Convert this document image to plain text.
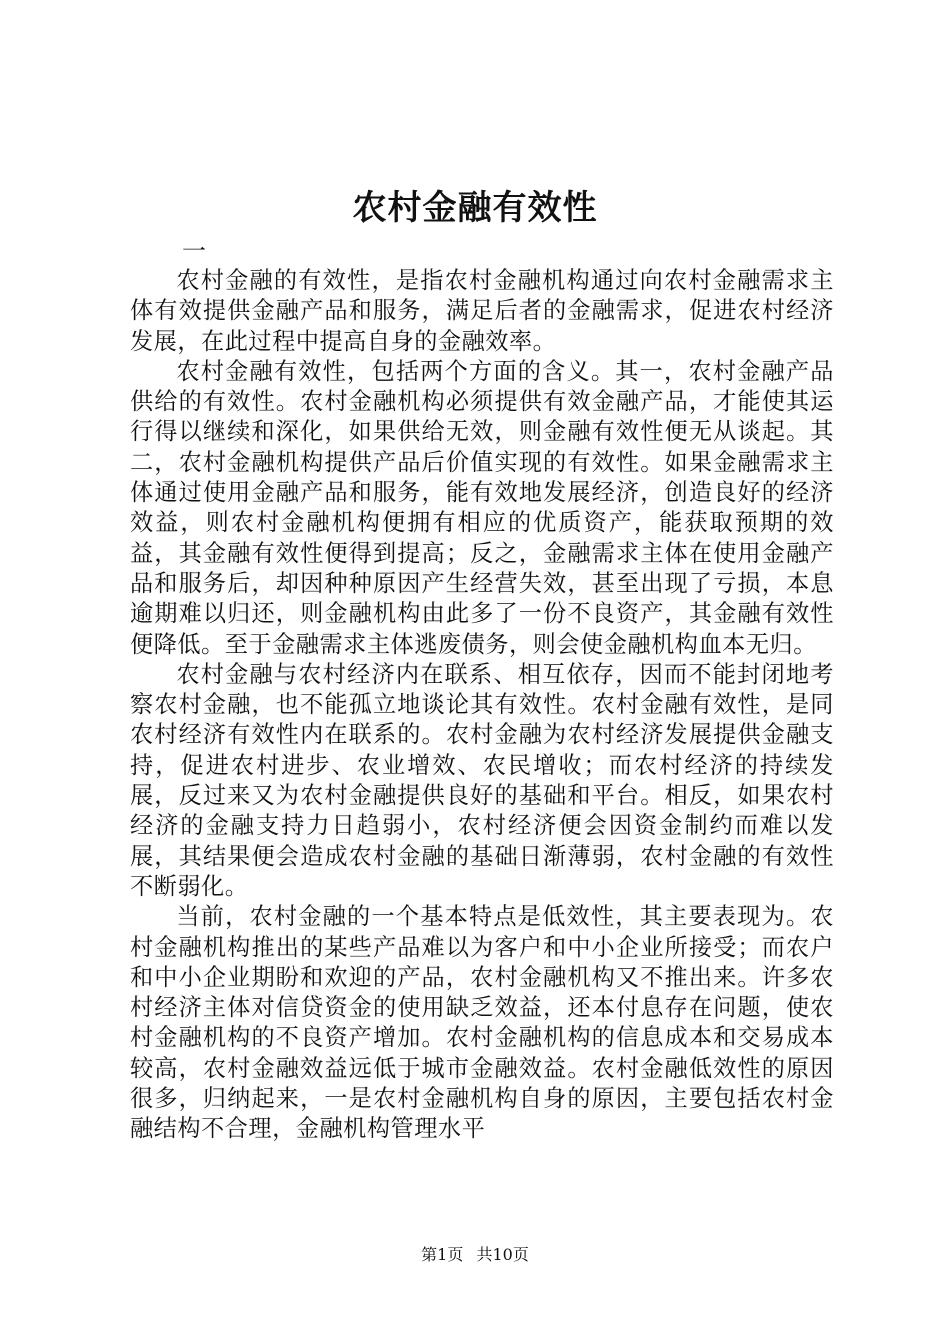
农村金融有效性
一

农村金融的有效性，是指农村金融机构通过向农村金融需求主体有效提供金融产品和服务，满足后者的金融需求，促进农村经济发展，在此过程中提高自身的金融效率。

农村金融有效性，包括两个方面的含义。其一，农村金融产品供给的有效性。农村金融机构必须提供有效金融产品，才能使其运行得以继续和深化，如果供给无效，则金融有效性便无从谈起。其二，农村金融机构提供产品后价值实现的有效性。如果金融需求主体通过使用金融产品和服务，能有效地发展经济，创造良好的经济效益，则农村金融机构便拥有相应的优质资产，能获取预期的效益，其金融有效性便得到提高；反之，金融需求主体在使用金融产品和服务后，却因种种原因产生经营失效，甚至出现了亏损，本息逾期难以归还，则金融机构由此多了一份不良资产，其金融有效性便降低。至于金融需求主体逃废债务，则会使金融机构血本无归。

农村金融与农村经济内在联系、相互依存，因而不能封闭地考察农村金融，也不能孤立地谈论其有效性。农村金融有效性，是同农村经济有效性内在联系的。农村金融为农村经济发展提供金融支持，促进农村进步、农业增效、农民增收；而农村经济的持续发展，反过来又为农村金融提供良好的基础和平台。相反，如果农村经济的金融支持力日趋弱小，农村经济便会因资金制约而难以发展，其结果便会造成农村金融的基础日渐薄弱，农村金融的有效性不断弱化。

当前，农村金融的一个基本特点是低效性，其主要表现为。农村金融机构推出的某些产品难以为客户和中小企业所接受；而农户和中小企业期盼和欢迎的产品，农村金融机构又不推出来。许多农村经济主体对信贷资金的使用缺乏效益，还本付息存在问题，使农村金融机构的不良资产增加。农村金融机构的信息成本和交易成本较高，农村金融效益远低于城市金融效益。农村金融低效性的原因很多，归纳起来，一是农村金融机构自身的原因，主要包括农村金融结构不合理，金融机构管理水平

第1页 共10页
